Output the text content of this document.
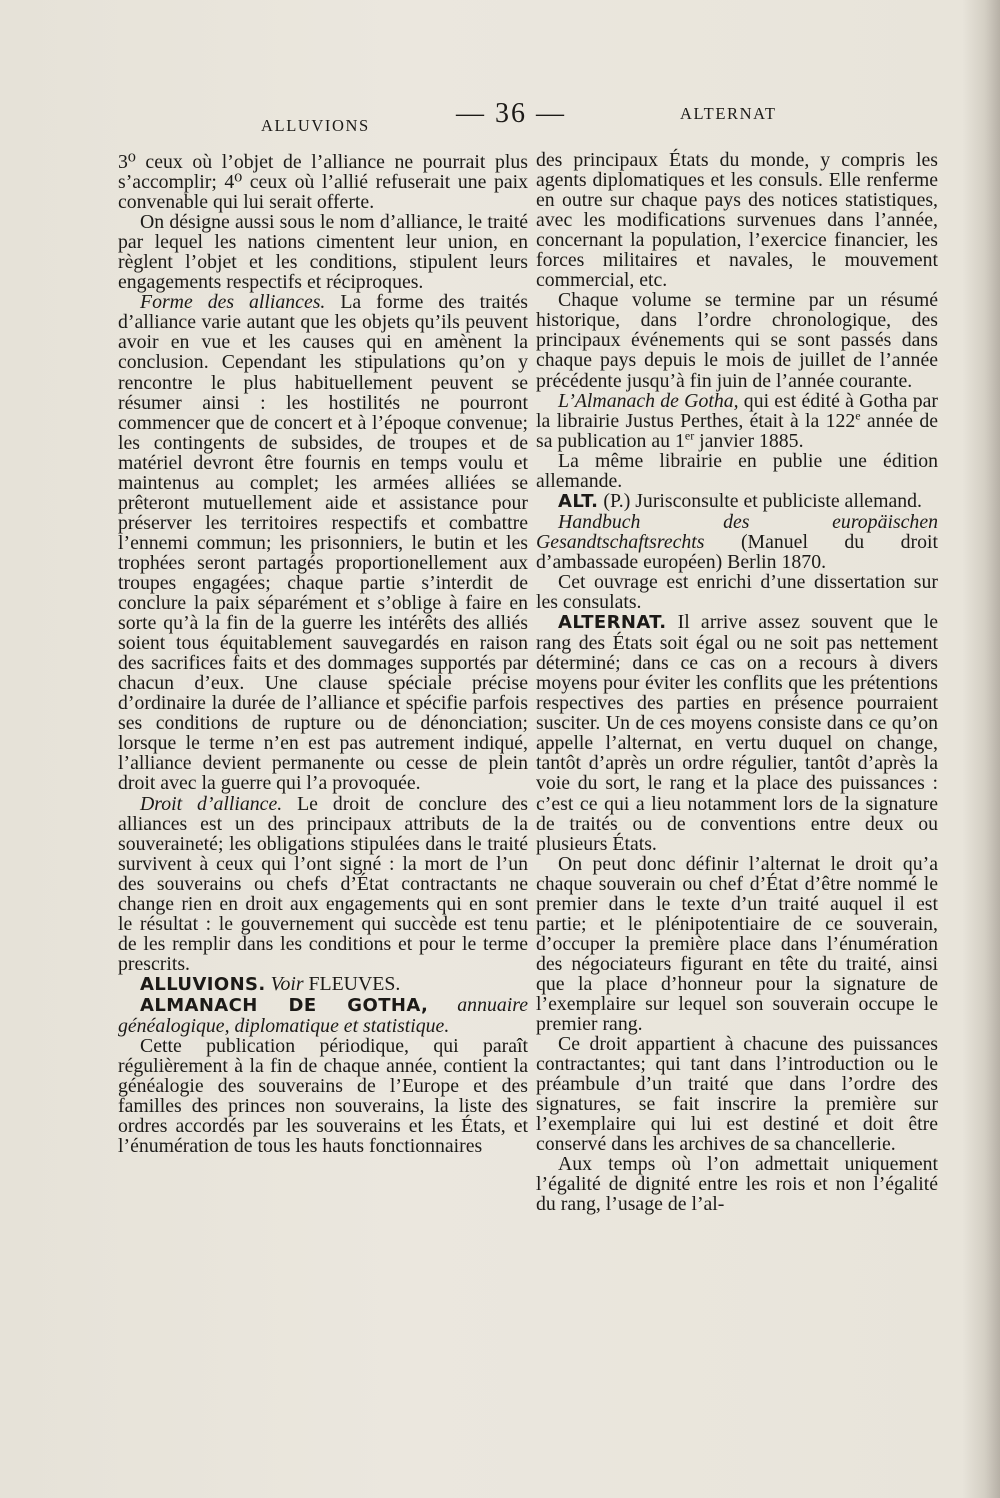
ALLUVIONS	— 36 —	ALTERNAT

3⁰ ceux où l’objet de l’alliance ne pourrait plus s’accomplir; 4⁰ ceux où l’allié refuserait une paix convenable qui lui serait offerte.

On désigne aussi sous le nom d’alliance, le traité par lequel les nations cimentent leur union, en règlent l’objet et les conditions, stipulent leurs engagements respectifs et réciproques.

Forme des alliances. La forme des traités d’alliance varie autant que les objets qu’ils peuvent avoir en vue et les causes qui en amènent la conclusion. Cependant les stipulations qu’on y rencontre le plus habituellement peuvent se résumer ainsi : les hostilités ne pourront commencer que de concert et à l’époque convenue; les contingents de subsides, de troupes et de matériel devront être fournis en temps voulu et maintenus au complet; les armées alliées se prêteront mutuellement aide et assistance pour préserver les territoires respectifs et combattre l’ennemi commun; les prisonniers, le butin et les trophées seront partagés proportionellement aux troupes engagées; chaque partie s’interdit de conclure la paix séparément et s’oblige à faire en sorte qu’à la fin de la guerre les intérêts des alliés soient tous équitablement sauvegardés en raison des sacrifices faits et des dommages supportés par chacun d’eux. Une clause spéciale précise d’ordinaire la durée de l’alliance et spécifie parfois ses conditions de rupture ou de dénonciation; lorsque le terme n’en est pas autrement indiqué, l’alliance devient permanente ou cesse de plein droit avec la guerre qui l’a provoquée.

Droit d’alliance. Le droit de conclure des alliances est un des principaux attributs de la souveraineté; les obligations stipulées dans le traité survivent à ceux qui l’ont signé : la mort de l’un des souverains ou chefs d’État contractants ne change rien en droit aux engagements qui en sont le résultat : le gouvernement qui succède est tenu de les remplir dans les conditions et pour le terme prescrits.

ALLUVIONS. Voir FLEUVES.

ALMANACH DE GOTHA, annuaire généalogique, diplomatique et statistique.

Cette publication périodique, qui paraît régulièrement à la fin de chaque année, contient la généalogie des souverains de l’Europe et des familles des princes non souverains, la liste des ordres accordés par les souverains et les États, et l’énumération de tous les hauts fonctionnaires

des principaux États du monde, y compris les agents diplomatiques et les consuls. Elle renferme en outre sur chaque pays des notices statistiques, avec les modifications survenues dans l’année, concernant la population, l’exercice financier, les forces militaires et navales, le mouvement commercial, etc.

Chaque volume se termine par un résumé historique, dans l’ordre chronologique, des principaux événements qui se sont passés dans chaque pays depuis le mois de juillet de l’année précédente jusqu’à fin juin de l’année courante.

L’Almanach de Gotha, qui est édité à Gotha par la librairie Justus Perthes, était à la 122e année de sa publication au 1er janvier 1885.

La même librairie en publie une édition allemande.

ALT. (P.) Jurisconsulte et publiciste allemand.

Handbuch des europäischen Gesandtschaftsrechts (Manuel du droit d’ambassade européen) Berlin 1870.

Cet ouvrage est enrichi d’une dissertation sur les consulats.

ALTERNAT. Il arrive assez souvent que le rang des États soit égal ou ne soit pas nettement déterminé; dans ce cas on a recours à divers moyens pour éviter les conflits que les prétentions respectives des parties en présence pourraient susciter. Un de ces moyens consiste dans ce qu’on appelle l’alternat, en vertu duquel on change, tantôt d’après un ordre régulier, tantôt d’après la voie du sort, le rang et la place des puissances : c’est ce qui a lieu notamment lors de la signature de traités ou de conventions entre deux ou plusieurs États.

On peut donc définir l’alternat le droit qu’a chaque souverain ou chef d’État d’être nommé le premier dans le texte d’un traité auquel il est partie; et le plénipotentiaire de ce souverain, d’occuper la première place dans l’énumération des négociateurs figurant en tête du traité, ainsi que la place d’honneur pour la signature de l’exemplaire sur lequel son souverain occupe le premier rang.

Ce droit appartient à chacune des puissances contractantes; qui tant dans l’introduction ou le préambule d’un traité que dans l’ordre des signatures, se fait inscrire la première sur l’exemplaire qui lui est destiné et doit être conservé dans les archives de sa chancellerie.

Aux temps où l’on admettait uniquement l’égalité de dignité entre les rois et non l’égalité du rang, l’usage de l’al-
